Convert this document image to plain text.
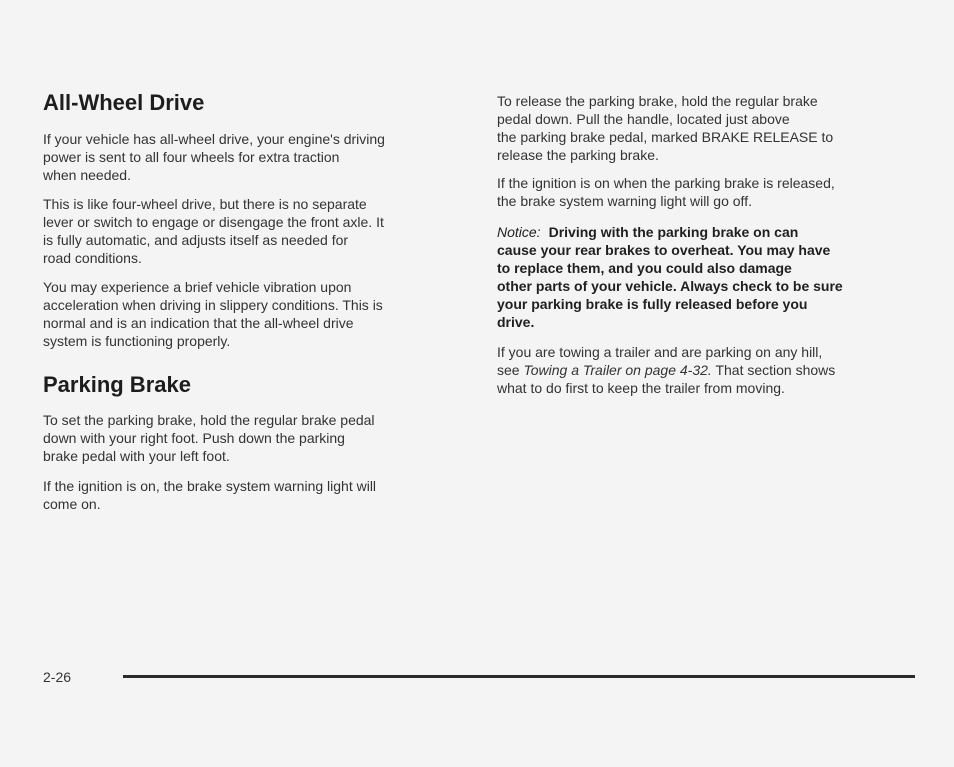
All-Wheel Drive

If your vehicle has all-wheel drive, your engine's driving
power is sent to all four wheels for extra traction
when needed.

This is like four-wheel drive, but there is no separate
lever or switch to engage or disengage the front axle. It
is fully automatic, and adjusts itself as needed for
road conditions.

You may experience a brief vehicle vibration upon
acceleration when driving in slippery conditions. This is
normal and is an indication that the all-wheel drive
system is functioning properly.

Parking Brake

To set the parking brake, hold the regular brake pedal
down with your right foot. Push down the parking
brake pedal with your left foot.

If the ignition is on, the brake system warning light will
come on.

To release the parking brake, hold the regular brake
pedal down. Pull the handle, located just above
the parking brake pedal, marked BRAKE RELEASE to
release the parking brake.

If the ignition is on when the parking brake is released,
the brake system warning light will go off.

Notice: Driving with the parking brake on can
cause your rear brakes to overheat. You may have
to replace them, and you could also damage
other parts of your vehicle. Always check to be sure
your parking brake is fully released before you
drive.

If you are towing a trailer and are parking on any hill,
see Towing a Trailer on page 4-32. That section shows
what to do first to keep the trailer from moving.

2-26
